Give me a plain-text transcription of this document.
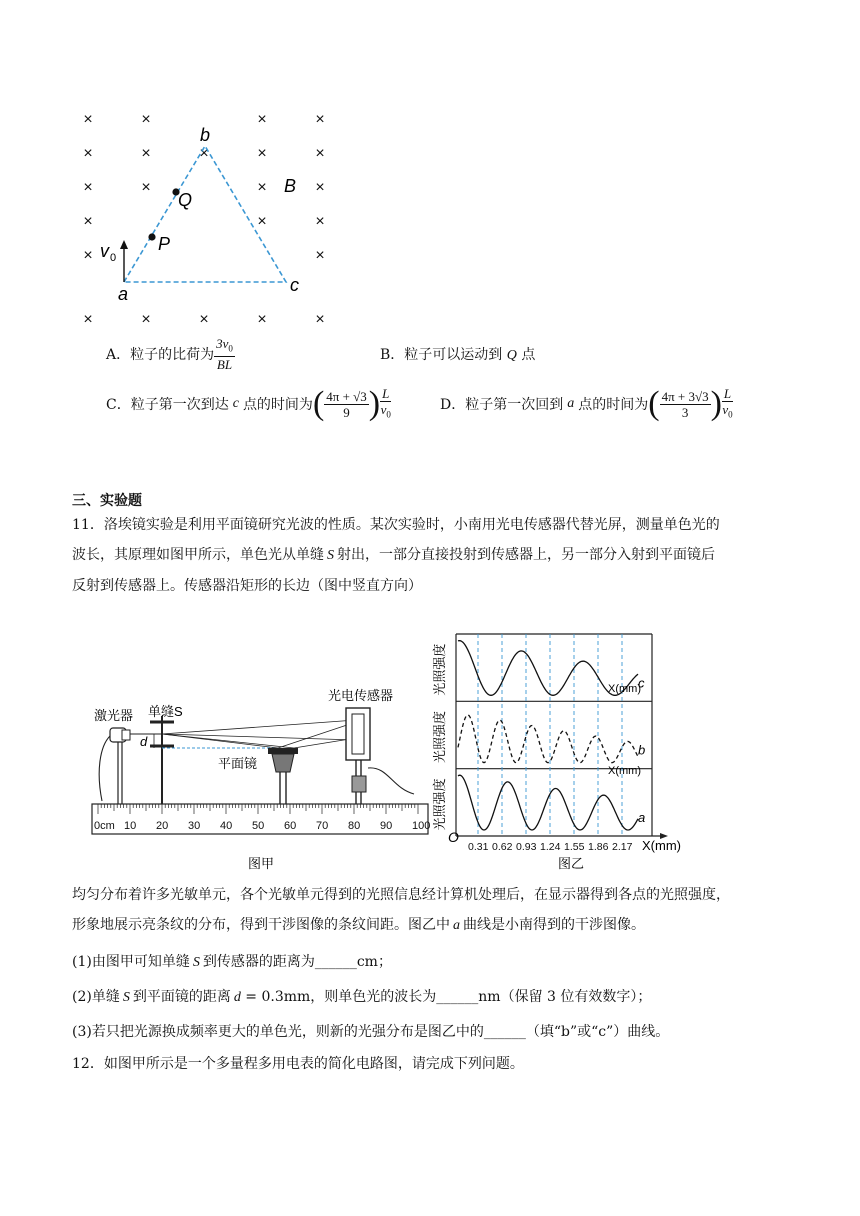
×	×	×	×
×	×	×	×	×
×	×	×	×
×	×	×
×	×
×	×	×	×	×
b
a	c
B
Q
P
v 0
A．粒子的比荷为 $\frac{3v_0}{BL}$	B．粒子可以运动到 Q 点
C．粒子第一次到达 c 点的时间为 ( $\frac{4\pi + √3}{9}$ ) $\frac{L}{v_0}$	D．粒子第一次回到 a 点的时间为 ( $\frac{4\pi + 3√3}{3}$ ) $\frac{L}{v_0}$
三、实验题
11．洛埃镜实验是利用平面镜研究光波的性质。某次实验时，小南用光电传感器代替光屏，测量单色光的
波长，其原理如图甲所示，单色光从单缝 S 射出，一部分直接投射到传感器上，另一部分入射到平面镜后
反射到传感器上。传感器沿矩形的长边（图中竖直方向）
0cm 10 20 30 40 50 60 70 80 90 100
激光器 单缝S
光电传感器
平面镜
d
图甲
光照强度
光照强度
光照强度
c
b
a
0.31 0.62 0.93 1.24 1.55 1.86 2.17
O
X(mm)
X(mm)
X(mm)
图乙
均匀分布着许多光敏单元，各个光敏单元得到的光照信息经计算机处理后，在显示器得到各点的光照强度，
形象地展示亮条纹的分布，得到干涉图像的条纹间距。图乙中 a 曲线是小南得到的干涉图像。
(1)由图甲可知单缝 S 到传感器的距离为______cm；
(2)单缝 S 到平面镜的距离 d = 0.3mm，则单色光的波长为______nm（保留 3 位有效数字）；
(3)若只把光源换成频率更大的单色光，则新的光强分布是图乙中的______（填“b”或“c”）曲线。
12．如图甲所示是一个多量程多用电表的简化电路图，请完成下列问题。
